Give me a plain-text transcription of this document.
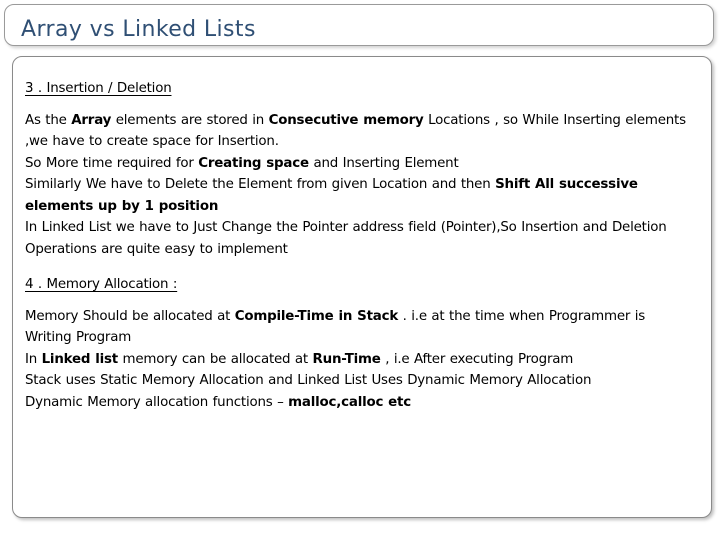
Array vs Linked Lists

3 . Insertion / Deletion

As the Array elements are stored in Consecutive memory Locations , so While Inserting elements ,we have to create space for Insertion.

So More time required for Creating space and Inserting Element

Similarly We have to Delete the Element from given Location and then Shift All successive elements up by 1 position

In Linked List we have to Just Change the Pointer address field (Pointer),So Insertion and Deletion Operations are quite easy to implement

4 . Memory Allocation :

Memory Should be allocated at Compile-Time in Stack . i.e at the time when Programmer is Writing Program

In Linked list memory can be allocated at Run-Time , i.e After executing Program

Stack uses Static Memory Allocation and Linked List Uses Dynamic Memory Allocation

Dynamic Memory allocation functions – malloc,calloc etc
